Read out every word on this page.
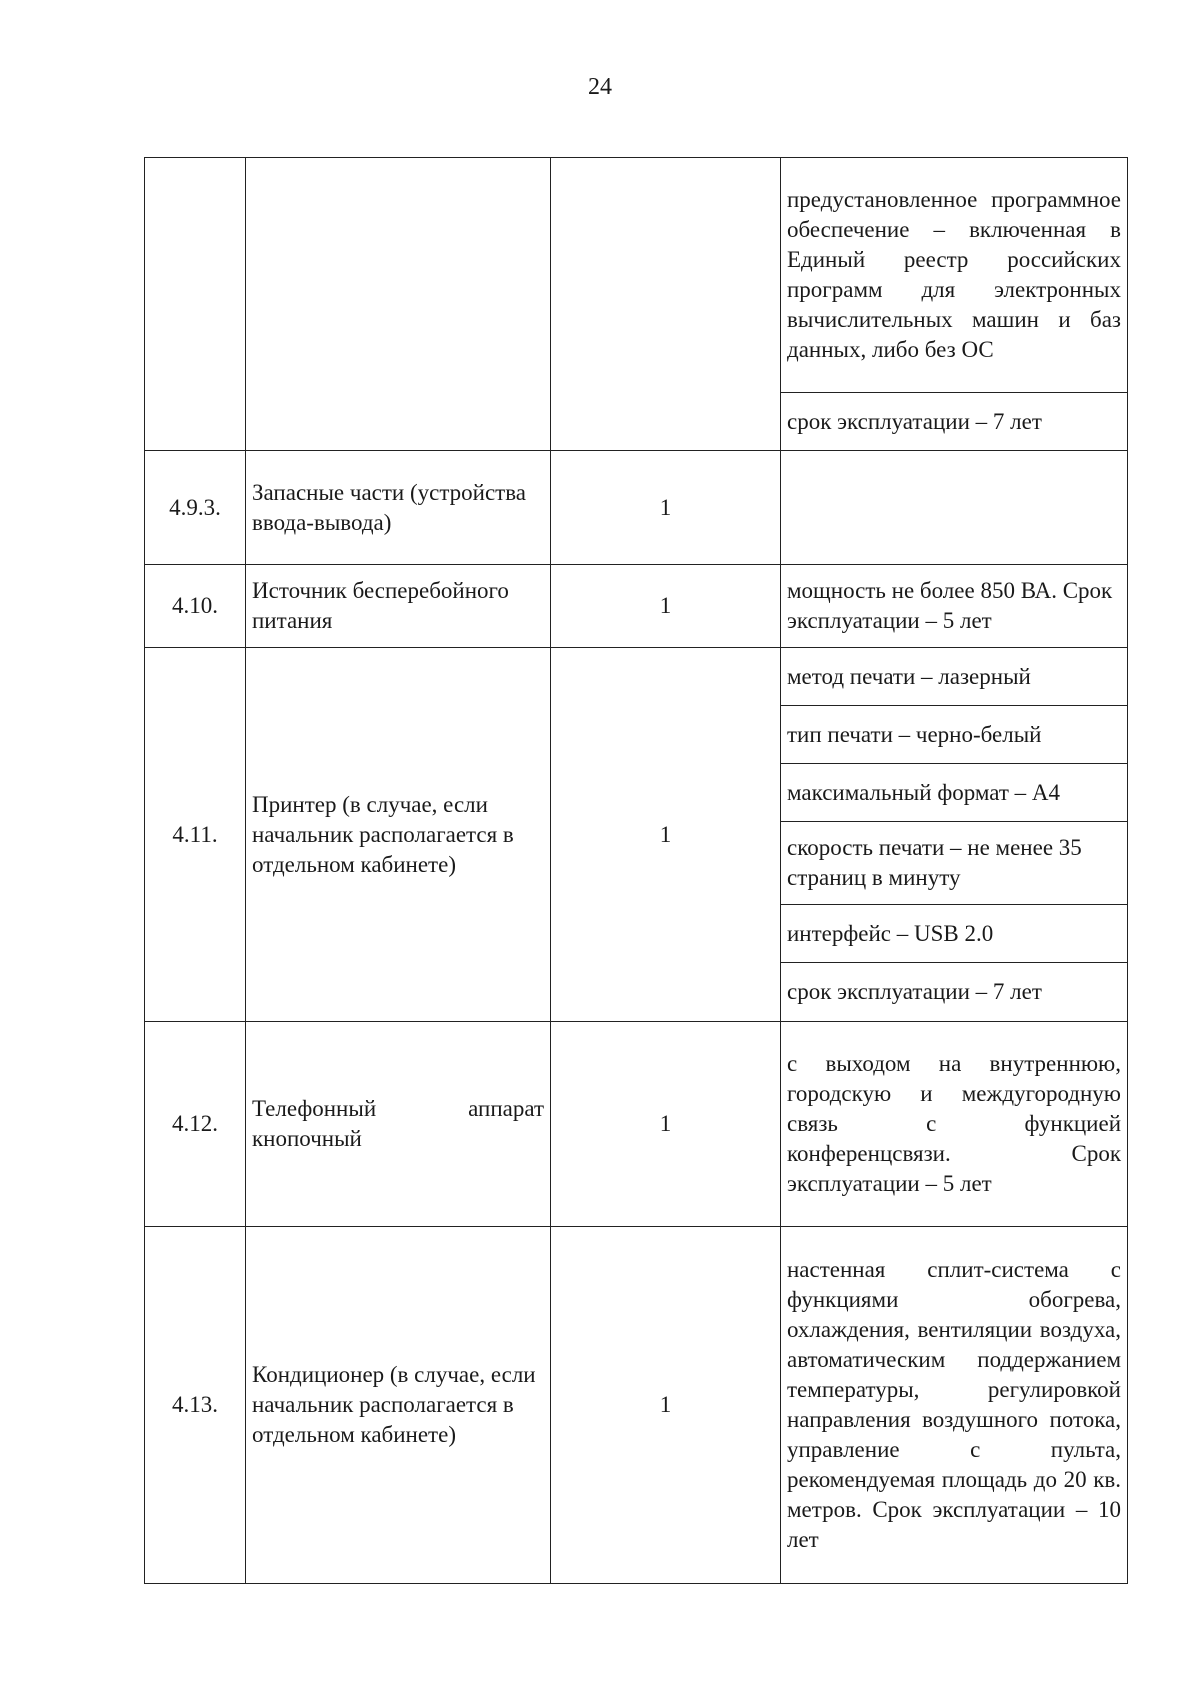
24
			предустановленное программное обеспечение – включенная в Единый реестр российских программ для электронных вычислительных машин и баз данных, либо без ОС
			срок эксплуатации – 7 лет
4.9.3.	Запасные части (устройства ввода-вывода)	1	
4.10.	Источник бесперебойного питания	1	мощность не более 850 ВА. Срок эксплуатации – 5 лет
4.11.	Принтер (в случае, если начальник располагается в отдельном кабинете)	1	метод печати – лазерный
			тип печати – черно-белый
			максимальный формат – А4
			скорость печати – не менее 35 страниц в минуту
			интерфейс – USB 2.0
			срок эксплуатации – 7 лет
4.12.	Телефонный аппарат кнопочный	1	с выходом на внутреннюю, городскую и междугородную связь с функцией конференцсвязи. Срок эксплуатации – 5 лет
4.13.	Кондиционер (в случае, если начальник располагается в отдельном кабинете)	1	настенная сплит-система с функциями обогрева, охлаждения, вентиляции воздуха, автоматическим поддержанием температуры, регулировкой направления воздушного потока, управление с пульта, рекомендуемая площадь до 20 кв. метров. Срок эксплуатации – 10 лет
